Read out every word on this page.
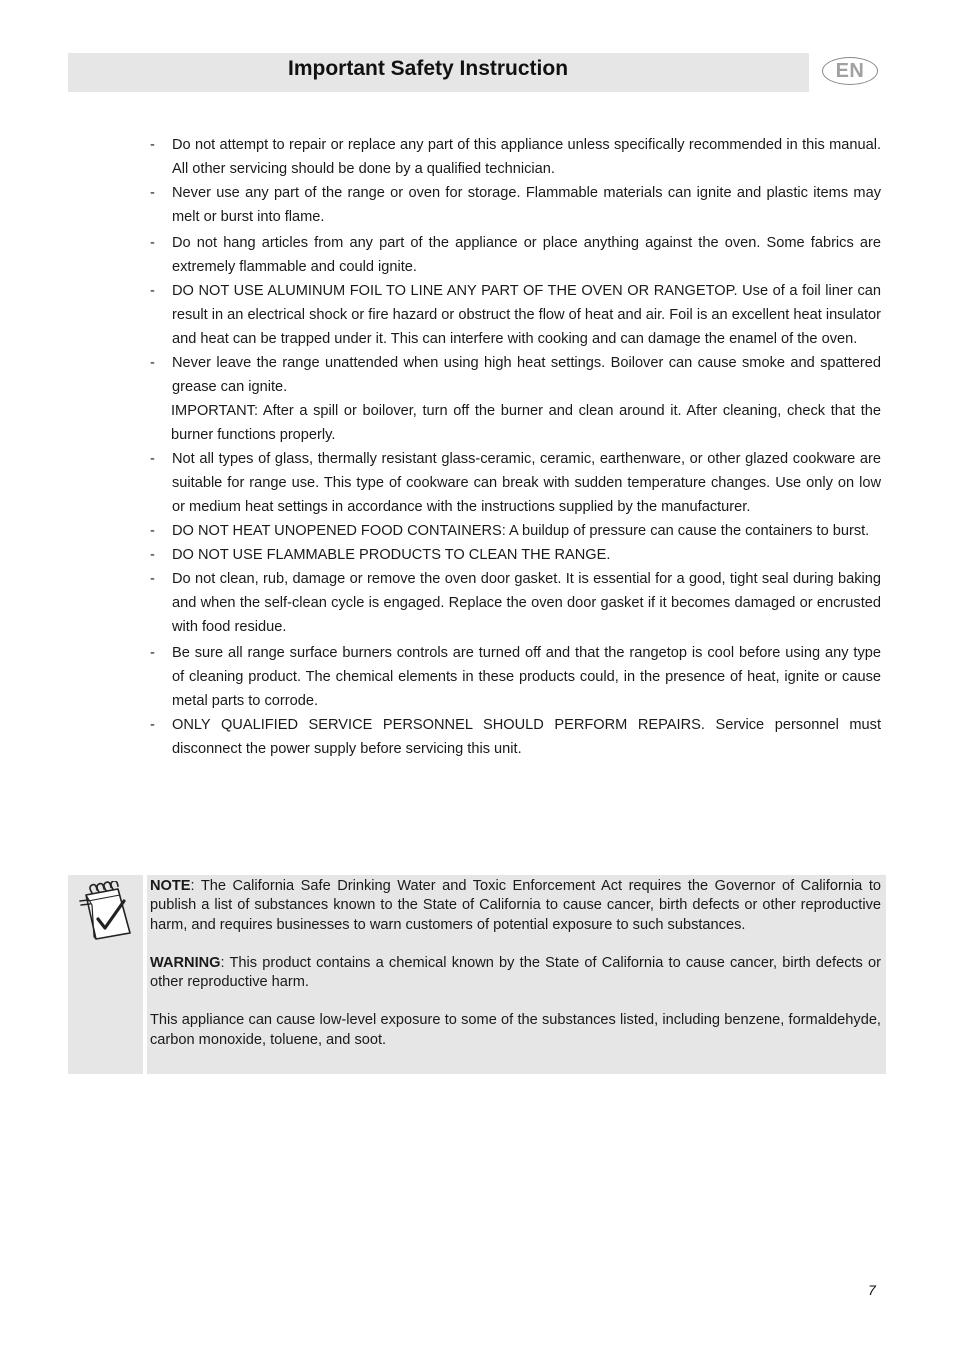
Important Safety Instruction	EN
- Do not attempt to repair or replace any part of this appliance unless specifically recommended in this manual. All other servicing should be done by a qualified technician.
- Never use any part of the range or oven for storage. Flammable materials can ignite and plastic items may melt or burst into flame.
- Do not hang articles from any part of the appliance or place anything against the oven. Some fabrics are extremely flammable and could ignite.
- DO NOT USE ALUMINUM FOIL TO LINE ANY PART OF THE OVEN OR RANGETOP. Use of a foil liner can result in an electrical shock or fire hazard or obstruct the flow of heat and air. Foil is an excellent heat insulator and heat can be trapped under it. This can interfere with cooking and can damage the enamel of the oven.
- Never leave the range unattended when using high heat settings. Boilover can cause smoke and spattered grease can ignite.
IMPORTANT: After a spill or boilover, turn off the burner and clean around it. After cleaning, check that the burner functions properly.
- Not all types of glass, thermally resistant glass-ceramic, ceramic, earthenware, or other glazed cookware are suitable for range use. This type of cookware can break with sudden temperature changes. Use only on low or medium heat settings in accordance with the instructions supplied by the manufacturer.
- DO NOT HEAT UNOPENED FOOD CONTAINERS: A buildup of pressure can cause the containers to burst.
- DO NOT USE FLAMMABLE PRODUCTS TO CLEAN THE RANGE.
- Do not clean, rub, damage or remove the oven door gasket. It is essential for a good, tight seal during baking and when the self-clean cycle is engaged. Replace the oven door gasket if it becomes damaged or encrusted with food residue.
- Be sure all range surface burners controls are turned off and that the rangetop is cool before using any type of cleaning product. The chemical elements in these products could, in the presence of heat, ignite or cause metal parts to corrode.
- ONLY QUALIFIED SERVICE PERSONNEL SHOULD PERFORM REPAIRS. Service personnel must disconnect the power supply before servicing this unit.

NOTE: The California Safe Drinking Water and Toxic Enforcement Act requires the Governor of California to publish a list of substances known to the State of California to cause cancer, birth defects or other reproductive harm, and requires businesses to warn customers of potential exposure to such substances.

WARNING: This product contains a chemical known by the State of California to cause cancer, birth defects or other reproductive harm.

This appliance can cause low-level exposure to some of the substances listed, including benzene, formaldehyde, carbon monoxide, toluene, and soot.

7
